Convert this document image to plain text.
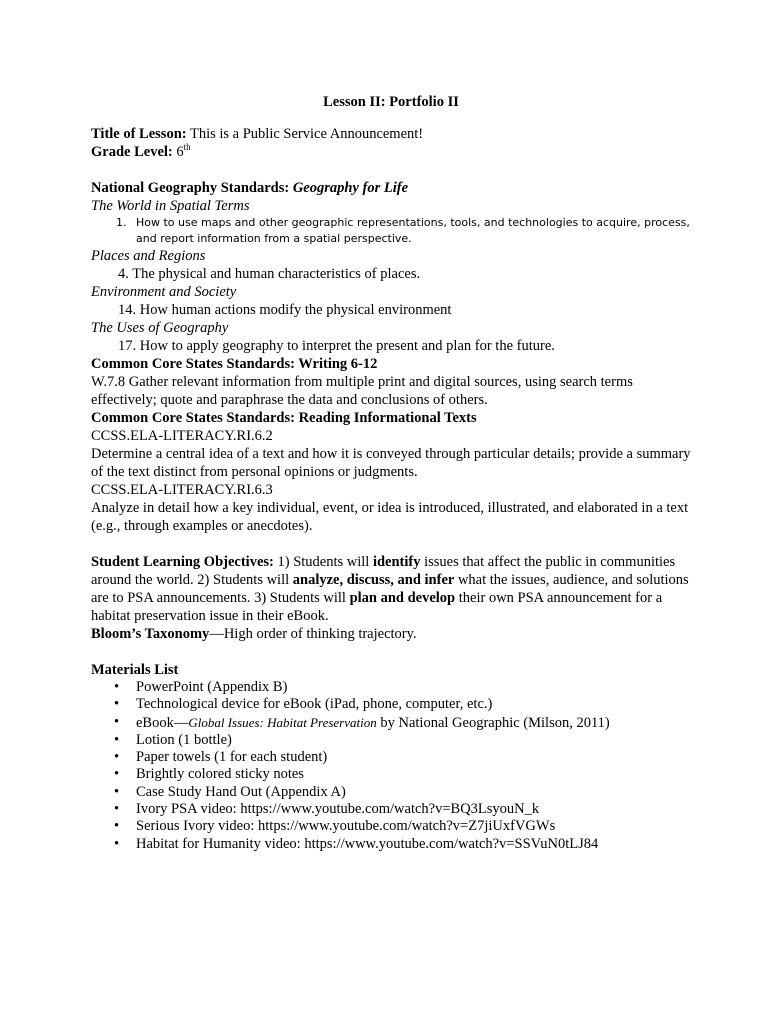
Lesson II: Portfolio II

Title of Lesson: This is a Public Service Announcement!

Grade Level: 6th

National Geography Standards: Geography for Life

The World in Spatial Terms

1. How to use maps and other geographic representations, tools, and technologies to acquire, process, and report information from a spatial perspective.

Places and Regions

4. The physical and human characteristics of places.

Environment and Society

14. How human actions modify the physical environment

The Uses of Geography

17. How to apply geography to interpret the present and plan for the future.

Common Core States Standards: Writing 6-12

W.7.8 Gather relevant information from multiple print and digital sources, using search terms effectively; quote and paraphrase the data and conclusions of others.

Common Core States Standards: Reading Informational Texts

CCSS.ELA-LITERACY.RI.6.2

Determine a central idea of a text and how it is conveyed through particular details; provide a summary of the text distinct from personal opinions or judgments.

CCSS.ELA-LITERACY.RI.6.3

Analyze in detail how a key individual, event, or idea is introduced, illustrated, and elaborated in a text (e.g., through examples or anecdotes).

Student Learning Objectives: 1) Students will identify issues that affect the public in communities around the world. 2) Students will analyze, discuss, and infer what the issues, audience, and solutions are to PSA announcements. 3) Students will plan and develop their own PSA announcement for a habitat preservation issue in their eBook.

Bloom’s Taxonomy—High order of thinking trajectory.

Materials List

• PowerPoint (Appendix B)
• Technological device for eBook (iPad, phone, computer, etc.)
• eBook—Global Issues: Habitat Preservation by National Geographic (Milson, 2011)
• Lotion (1 bottle)
• Paper towels (1 for each student)
• Brightly colored sticky notes
• Case Study Hand Out (Appendix A)
• Ivory PSA video: https://www.youtube.com/watch?v=BQ3LsyouN_k
• Serious Ivory video: https://www.youtube.com/watch?v=Z7jiUxfVGWs
• Habitat for Humanity video: https://www.youtube.com/watch?v=SSVuN0tLJ84
